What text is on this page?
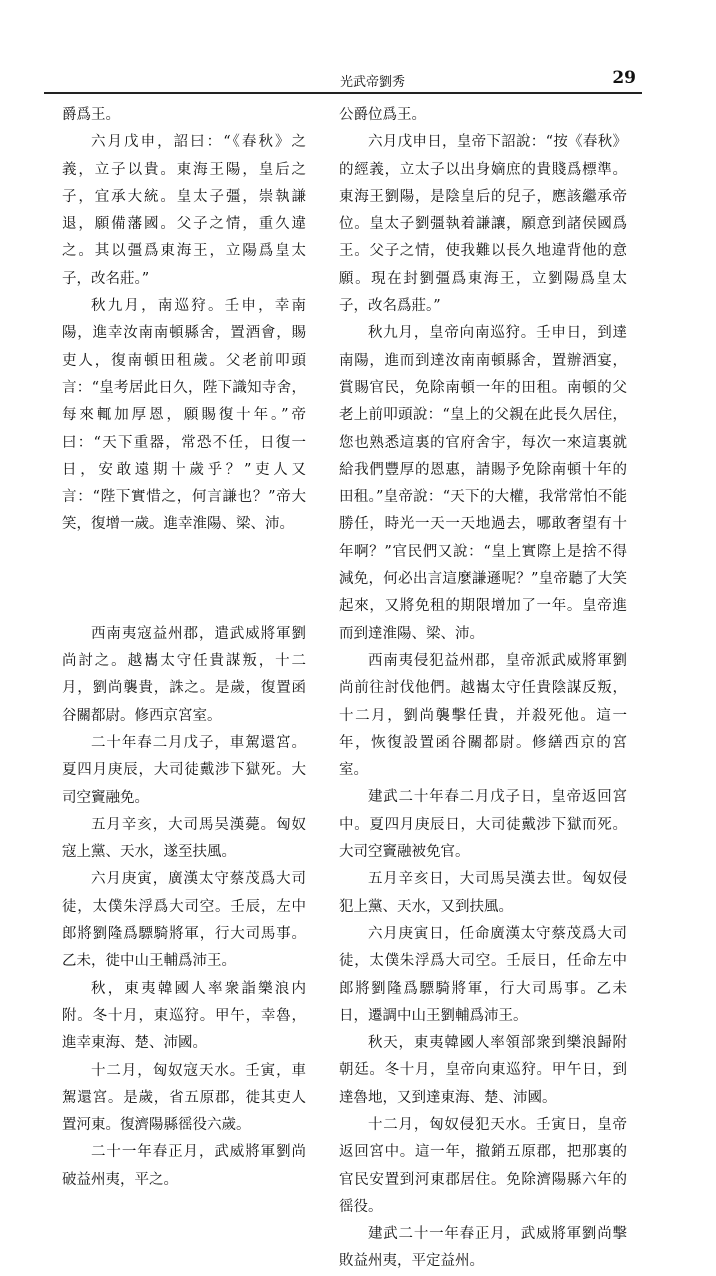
光武帝劉秀	29

爵爲王。

六月戊申，詔曰：“《春秋》之義，立子以貴。東海王陽，皇后之子，宜承大統。皇太子彊，崇執謙退，願備藩國。父子之情，重久違之。其以彊爲東海王，立陽爲皇太子，改名莊。”

秋九月，南巡狩。壬申，幸南陽，進幸汝南南頓縣舍，置酒會，賜吏人，復南頓田租歲。父老前叩頭言：“皇考居此日久，陛下識知寺舍，每來輒加厚恩，願賜復十年。”帝曰：“天下重器，常恐不任，日復一日，安敢遠期十歲乎？”吏人又言：“陛下實惜之，何言謙也？”帝大笑，復增一歲。進幸淮陽、梁、沛。

西南夷寇益州郡，遣武威將軍劉尚討之。越巂太守任貴謀叛，十二月，劉尚襲貴，誅之。是歲，復置函谷關都尉。修西京宮室。

二十年春二月戊子，車駕還宮。夏四月庚辰，大司徒戴涉下獄死。大司空竇融免。

五月辛亥，大司馬吴漢薨。匈奴寇上黨、天水，遂至扶風。

六月庚寅，廣漢太守蔡茂爲大司徒，太僕朱浮爲大司空。壬辰，左中郎將劉隆爲驃騎將軍，行大司馬事。乙未，徙中山王輔爲沛王。

秋，東夷韓國人率衆詣樂浪内附。冬十月，東巡狩。甲午，幸魯，進幸東海、楚、沛國。

十二月，匈奴寇天水。壬寅，車駕還宮。是歲，省五原郡，徙其吏人置河東。復濟陽縣徭役六歲。

二十一年春正月，武威將軍劉尚破益州夷，平之。

公爵位爲王。

六月戊申日，皇帝下詔說：“按《春秋》的經義，立太子以出身嫡庶的貴賤爲標準。東海王劉陽，是陰皇后的兒子，應該繼承帝位。皇太子劉彊執着謙讓，願意到諸侯國爲王。父子之情，使我難以長久地違背他的意願。現在封劉彊爲東海王，立劉陽爲皇太子，改名爲莊。”

秋九月，皇帝向南巡狩。壬申日，到達南陽，進而到達汝南南頓縣舍，置辦酒宴，賞賜官民，免除南頓一年的田租。南頓的父老上前叩頭說：“皇上的父親在此長久居住，您也熟悉這裏的官府舍宇，每次一來這裏就給我們豐厚的恩惠，請賜予免除南頓十年的田租。”皇帝說：“天下的大權，我常常怕不能勝任，時光一天一天地過去，哪敢奢望有十年啊？”官民們又說：“皇上實際上是捨不得減免，何必出言這麼謙遜呢？”皇帝聽了大笑起來，又將免租的期限增加了一年。皇帝進而到達淮陽、梁、沛。

西南夷侵犯益州郡，皇帝派武威將軍劉尚前往討伐他們。越巂太守任貴陰謀反叛，十二月，劉尚襲擊任貴，并殺死他。這一年，恢復設置函谷關都尉。修繕西京的宮室。

建武二十年春二月戊子日，皇帝返回宮中。夏四月庚辰日，大司徒戴涉下獄而死。大司空竇融被免官。

五月辛亥日，大司馬吴漢去世。匈奴侵犯上黨、天水，又到扶風。

六月庚寅日，任命廣漢太守蔡茂爲大司徒，太僕朱浮爲大司空。壬辰日，任命左中郎將劉隆爲驃騎將軍，行大司馬事。乙未日，遷調中山王劉輔爲沛王。

秋天，東夷韓國人率領部衆到樂浪歸附朝廷。冬十月，皇帝向東巡狩。甲午日，到達魯地，又到達東海、楚、沛國。

十二月，匈奴侵犯天水。壬寅日，皇帝返回宮中。這一年，撤銷五原郡，把那裏的官民安置到河東郡居住。免除濟陽縣六年的徭役。

建武二十一年春正月，武威將軍劉尚擊敗益州夷，平定益州。
